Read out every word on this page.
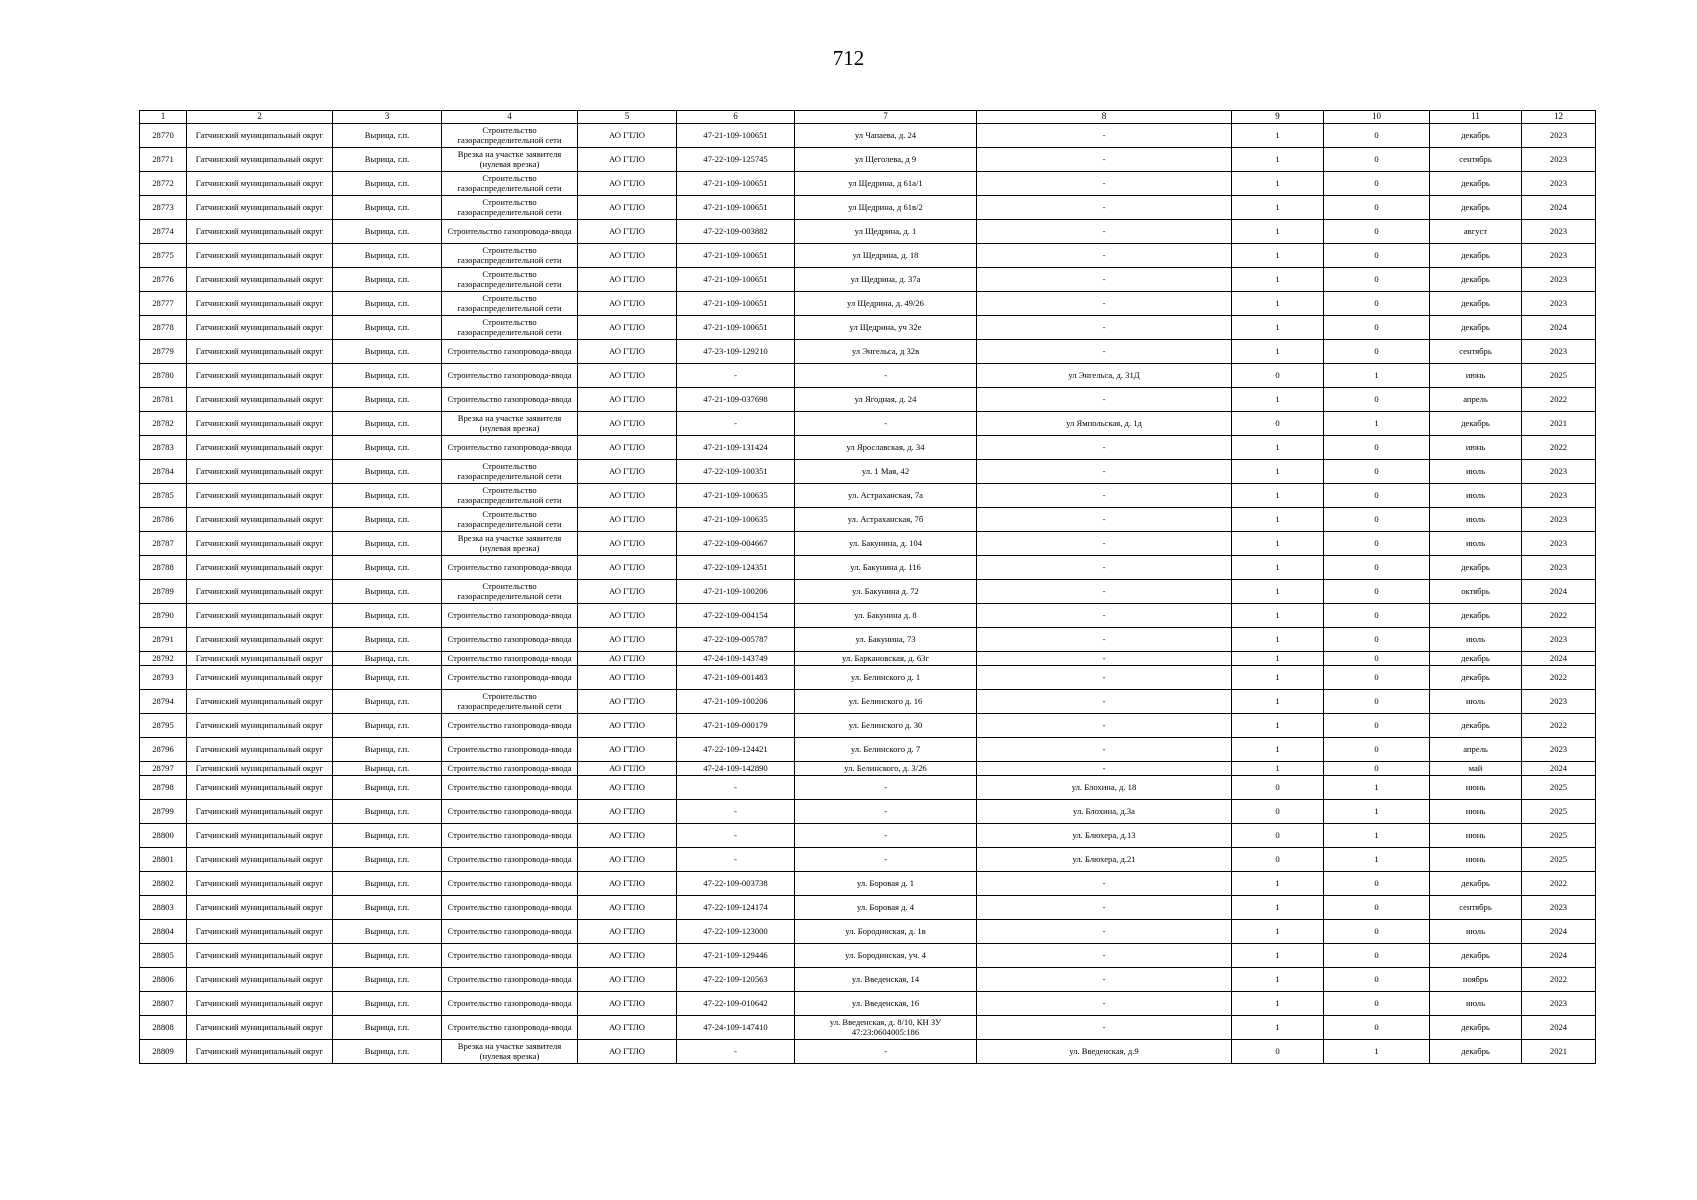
712
1	2	3	4	5	6	7	8	9	10	11	12
28770	Гатчинский муниципальный округ	Вырица, г.п.	Строительство газораспределительной сети	АО ГТЛО	47-21-109-100651	ул Чапаева, д. 24	-	1	0	декабрь	2023
28771	Гатчинский муниципальный округ	Вырица, г.п.	Врезка на участке заявителя (нулевая врезка)	АО ГТЛО	47-22-109-125745	ул Щеголева, д 9	-	1	0	сентябрь	2023
28772	Гатчинский муниципальный округ	Вырица, г.п.	Строительство газораспределительной сети	АО ГТЛО	47-21-109-100651	ул Щедрина, д 61а/1	-	1	0	декабрь	2023
28773	Гатчинский муниципальный округ	Вырица, г.п.	Строительство газораспределительной сети	АО ГТЛО	47-21-109-100651	ул Щедрина, д 61в/2	-	1	0	декабрь	2024
28774	Гатчинский муниципальный округ	Вырица, г.п.	Строительство газопровода-ввода	АО ГТЛО	47-22-109-003882	ул Щедрина, д. 1	-	1	0	август	2023
28775	Гатчинский муниципальный округ	Вырица, г.п.	Строительство газораспределительной сети	АО ГТЛО	47-21-109-100651	ул Щедрина, д. 18	-	1	0	декабрь	2023
28776	Гатчинский муниципальный округ	Вырица, г.п.	Строительство газораспределительной сети	АО ГТЛО	47-21-109-100651	ул Щедрина, д. 37а	-	1	0	декабрь	2023
28777	Гатчинский муниципальный округ	Вырица, г.п.	Строительство газораспределительной сети	АО ГТЛО	47-21-109-100651	ул Щедрина, д. 49/26	-	1	0	декабрь	2023
28778	Гатчинский муниципальный округ	Вырица, г.п.	Строительство газораспределительной сети	АО ГТЛО	47-21-109-100651	ул Щедрина, уч 32е	-	1	0	декабрь	2024
28779	Гатчинский муниципальный округ	Вырица, г.п.	Строительство газопровода-ввода	АО ГТЛО	47-23-109-129210	ул Энгельса, д 32в	-	1	0	сентябрь	2023
28780	Гатчинский муниципальный округ	Вырица, г.п.	Строительство газопровода-ввода	АО ГТЛО	-	-	ул Энгельса, д. 31Д	0	1	июнь	2025
28781	Гатчинский муниципальный округ	Вырица, г.п.	Строительство газопровода-ввода	АО ГТЛО	47-21-109-037698	ул Ягодная, д. 24	-	1	0	апрель	2022
28782	Гатчинский муниципальный округ	Вырица, г.п.	Врезка на участке заявителя (нулевая врезка)	АО ГТЛО	-	-	ул Ямпольская, д. 1д	0	1	декабрь	2021
28783	Гатчинский муниципальный округ	Вырица, г.п.	Строительство газопровода-ввода	АО ГТЛО	47-21-109-131424	ул Ярославская, д. 34	-	1	0	июнь	2022
28784	Гатчинский муниципальный округ	Вырица, г.п.	Строительство газораспределительной сети	АО ГТЛО	47-22-109-100351	ул. 1 Мая, 42	-	1	0	июль	2023
28785	Гатчинский муниципальный округ	Вырица, г.п.	Строительство газораспределительной сети	АО ГТЛО	47-21-109-100635	ул. Астраханская, 7а	-	1	0	июль	2023
28786	Гатчинский муниципальный округ	Вырица, г.п.	Строительство газораспределительной сети	АО ГТЛО	47-21-109-100635	ул. Астраханская, 7б	-	1	0	июль	2023
28787	Гатчинский муниципальный округ	Вырица, г.п.	Врезка на участке заявителя (нулевая врезка)	АО ГТЛО	47-22-109-004667	ул. Бакунина, д. 104	-	1	0	июль	2023
28788	Гатчинский муниципальный округ	Вырица, г.п.	Строительство газопровода-ввода	АО ГТЛО	47-22-109-124351	ул. Бакунина д. 116	-	1	0	декабрь	2023
28789	Гатчинский муниципальный округ	Вырица, г.п.	Строительство газораспределительной сети	АО ГТЛО	47-21-109-100206	ул. Бакунина д. 72	-	1	0	октябрь	2024
28790	Гатчинский муниципальный округ	Вырица, г.п.	Строительство газопровода-ввода	АО ГТЛО	47-22-109-004154	ул. Бакунина д. 8	-	1	0	декабрь	2022
28791	Гатчинский муниципальный округ	Вырица, г.п.	Строительство газопровода-ввода	АО ГТЛО	47-22-109-005787	ул. Бакунина, 73	-	1	0	июль	2023
28792	Гатчинский муниципальный округ	Вырица, г.п.	Строительство газопровода-ввода	АО ГТЛО	47-24-109-143749	ул. Баркановская, д. 63г	-	1	0	декабрь	2024
28793	Гатчинский муниципальный округ	Вырица, г.п.	Строительство газопровода-ввода	АО ГТЛО	47-21-109-001483	ул. Белинского д. 1	-	1	0	декабрь	2022
28794	Гатчинский муниципальный округ	Вырица, г.п.	Строительство газораспределительной сети	АО ГТЛО	47-21-109-100206	ул. Белинского д. 16	-	1	0	июль	2023
28795	Гатчинский муниципальный округ	Вырица, г.п.	Строительство газопровода-ввода	АО ГТЛО	47-21-109-000179	ул. Белинского д. 30	-	1	0	декабрь	2022
28796	Гатчинский муниципальный округ	Вырица, г.п.	Строительство газопровода-ввода	АО ГТЛО	47-22-109-124421	ул. Белинского д. 7	-	1	0	апрель	2023
28797	Гатчинский муниципальный округ	Вырица, г.п.	Строительство газопровода-ввода	АО ГТЛО	47-24-109-142890	ул. Белинского, д. 3/26	-	1	0	май	2024
28798	Гатчинский муниципальный округ	Вырица, г.п.	Строительство газопровода-ввода	АО ГТЛО	-	-	ул. Блохина, д. 18	0	1	июнь	2025
28799	Гатчинский муниципальный округ	Вырица, г.п.	Строительство газопровода-ввода	АО ГТЛО	-	-	ул. Блохина, д.3а	0	1	июнь	2025
28800	Гатчинский муниципальный округ	Вырица, г.п.	Строительство газопровода-ввода	АО ГТЛО	-	-	ул. Блюхера, д.13	0	1	июнь	2025
28801	Гатчинский муниципальный округ	Вырица, г.п.	Строительство газопровода-ввода	АО ГТЛО	-	-	ул. Блюхера, д.21	0	1	июнь	2025
28802	Гатчинский муниципальный округ	Вырица, г.п.	Строительство газопровода-ввода	АО ГТЛО	47-22-109-003738	ул. Боровая д. 1	-	1	0	декабрь	2022
28803	Гатчинский муниципальный округ	Вырица, г.п.	Строительство газопровода-ввода	АО ГТЛО	47-22-109-124174	ул. Боровая д. 4	-	1	0	сентябрь	2023
28804	Гатчинский муниципальный округ	Вырица, г.п.	Строительство газопровода-ввода	АО ГТЛО	47-22-109-123000	ул. Бородинская, д. 1в	-	1	0	июль	2024
28805	Гатчинский муниципальный округ	Вырица, г.п.	Строительство газопровода-ввода	АО ГТЛО	47-21-109-129446	ул. Бородинская, уч. 4	-	1	0	декабрь	2024
28806	Гатчинский муниципальный округ	Вырица, г.п.	Строительство газопровода-ввода	АО ГТЛО	47-22-109-120563	ул. Введенская, 14	-	1	0	ноябрь	2022
28807	Гатчинский муниципальный округ	Вырица, г.п.	Строительство газопровода-ввода	АО ГТЛО	47-22-109-010642	ул. Введенская, 16	-	1	0	июль	2023
28808	Гатчинский муниципальный округ	Вырица, г.п.	Строительство газопровода-ввода	АО ГТЛО	47-24-109-147410	ул. Введенская, д. 8/10, КН ЗУ 47:23:0604005:186	-	1	0	декабрь	2024
28809	Гатчинский муниципальный округ	Вырица, г.п.	Врезка на участке заявителя (нулевая врезка)	АО ГТЛО	-	-	ул. Введенская, д.9	0	1	декабрь	2021
